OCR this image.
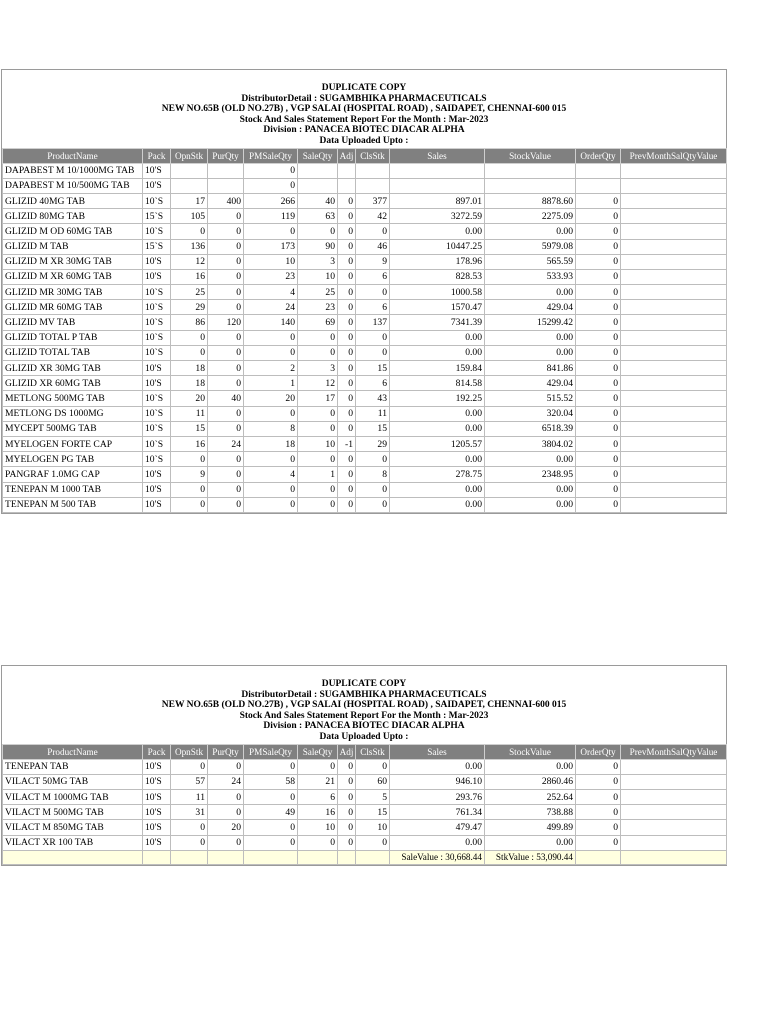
DUPLICATE COPY
DistributorDetail : SUGAMBHIKA PHARMACEUTICALS
NEW NO.65B (OLD NO.27B) , VGP SALAI (HOSPITAL ROAD) , SAIDAPET, CHENNAI-600 015
Stock And Sales Statement Report For the Month : Mar-2023
Division : PANACEA BIOTEC DIACAR ALPHA
Data Uploaded Upto :
ProductName	Pack	OpnStk	PurQty	PMSaleQty	SaleQty	Adj	ClsStk	Sales	StockValue	OrderQty	PrevMonthSalQtyValue
DAPABEST M 10/1000MG TAB	10'S			0							
DAPABEST M 10/500MG TAB	10'S			0							
GLIZID 40MG TAB	10`S	17	400	266	40	0	377	897.01	8878.60	0	
GLIZID 80MG TAB	15`S	105	0	119	63	0	42	3272.59	2275.09	0	
GLIZID M OD 60MG TAB	10`S	0	0	0	0	0	0	0.00	0.00	0	
GLIZID M TAB	15`S	136	0	173	90	0	46	10447.25	5979.08	0	
GLIZID M XR 30MG TAB	10'S	12	0	10	3	0	9	178.96	565.59	0	
GLIZID M XR 60MG TAB	10'S	16	0	23	10	0	6	828.53	533.93	0	
GLIZID MR 30MG TAB	10`S	25	0	4	25	0	0	1000.58	0.00	0	
GLIZID MR 60MG TAB	10`S	29	0	24	23	0	6	1570.47	429.04	0	
GLIZID MV TAB	10`S	86	120	140	69	0	137	7341.39	15299.42	0	
GLIZID TOTAL P TAB	10`S	0	0	0	0	0	0	0.00	0.00	0	
GLIZID TOTAL TAB	10`S	0	0	0	0	0	0	0.00	0.00	0	
GLIZID XR 30MG TAB	10'S	18	0	2	3	0	15	159.84	841.86	0	
GLIZID XR 60MG TAB	10'S	18	0	1	12	0	6	814.58	429.04	0	
METLONG 500MG TAB	10`S	20	40	20	17	0	43	192.25	515.52	0	
METLONG DS 1000MG	10`S	11	0	0	0	0	11	0.00	320.04	0	
MYCEPT 500MG TAB	10`S	15	0	8	0	0	15	0.00	6518.39	0	
MYELOGEN FORTE CAP	10`S	16	24	18	10	-1	29	1205.57	3804.02	0	
MYELOGEN PG TAB	10`S	0	0	0	0	0	0	0.00	0.00	0	
PANGRAF 1.0MG CAP	10'S	9	0	4	1	0	8	278.75	2348.95	0	
TENEPAN M 1000 TAB	10'S	0	0	0	0	0	0	0.00	0.00	0	
TENEPAN M 500 TAB	10'S	0	0	0	0	0	0	0.00	0.00	0	
DUPLICATE COPY
DistributorDetail : SUGAMBHIKA PHARMACEUTICALS
NEW NO.65B (OLD NO.27B) , VGP SALAI (HOSPITAL ROAD) , SAIDAPET, CHENNAI-600 015
Stock And Sales Statement Report For the Month : Mar-2023
Division : PANACEA BIOTEC DIACAR ALPHA
Data Uploaded Upto :
ProductName	Pack	OpnStk	PurQty	PMSaleQty	SaleQty	Adj	ClsStk	Sales	StockValue	OrderQty	PrevMonthSalQtyValue
TENEPAN TAB	10'S	0	0	0	0	0	0	0.00	0.00	0	
VILACT 50MG TAB	10'S	57	24	58	21	0	60	946.10	2860.46	0	
VILACT M 1000MG TAB	10'S	11	0	0	6	0	5	293.76	252.64	0	
VILACT M 500MG TAB	10'S	31	0	49	16	0	15	761.34	738.88	0	
VILACT M 850MG TAB	10'S	0	20	0	10	0	10	479.47	499.89	0	
VILACT XR 100 TAB	10'S	0	0	0	0	0	0	0.00	0.00	0	
								SaleValue : 30,668.44	StkValue : 53,090.44		
